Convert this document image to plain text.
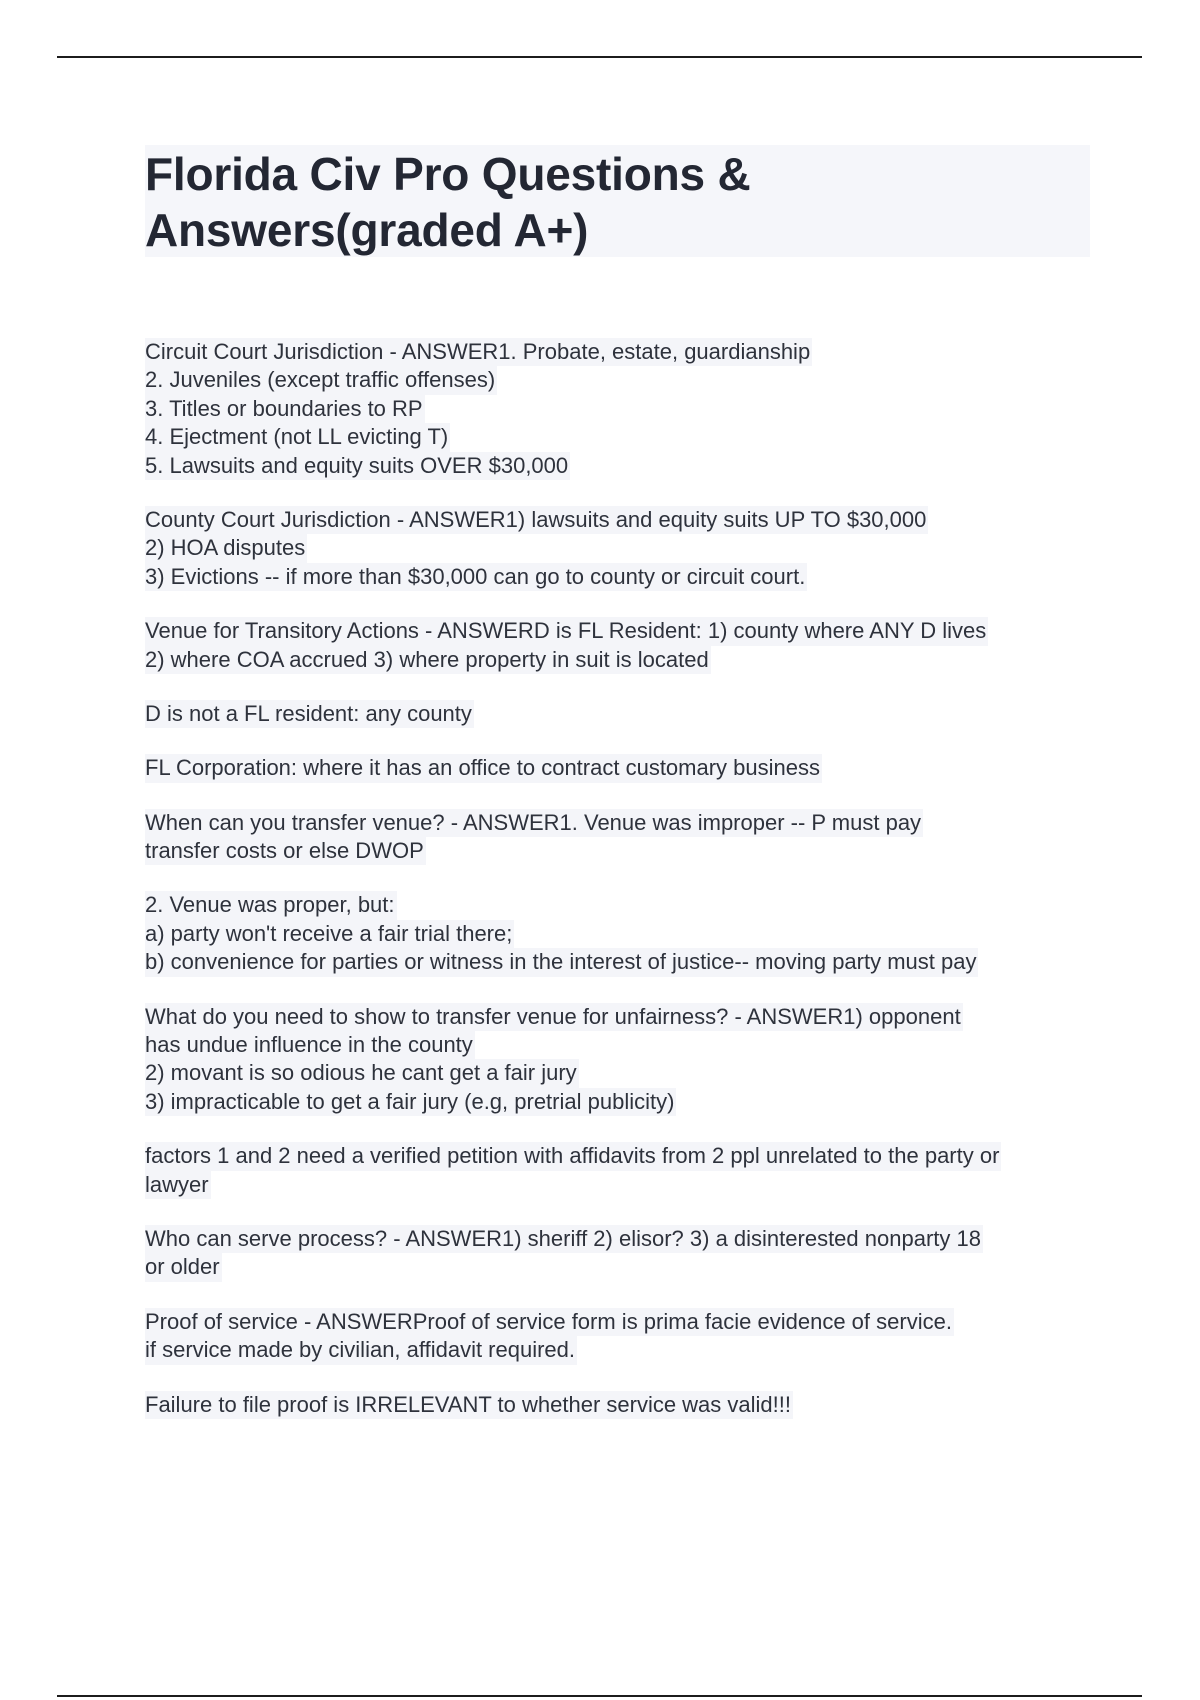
Florida Civ Pro Questions &
Answers(graded A+)
Circuit Court Jurisdiction - ANSWER1. Probate, estate, guardianship
2. Juveniles (except traffic offenses)
3. Titles or boundaries to RP
4. Ejectment (not LL evicting T)
5. Lawsuits and equity suits OVER $30,000
County Court Jurisdiction - ANSWER1) lawsuits and equity suits UP TO $30,000
2) HOA disputes
3) Evictions -- if more than $30,000 can go to county or circuit court.
Venue for Transitory Actions - ANSWERD is FL Resident: 1) county where ANY D lives
2) where COA accrued 3) where property in suit is located
D is not a FL resident: any county
FL Corporation: where it has an office to contract customary business
When can you transfer venue? - ANSWER1. Venue was improper -- P must pay
transfer costs or else DWOP
2. Venue was proper, but:
a) party won't receive a fair trial there;
b) convenience for parties or witness in the interest of justice-- moving party must pay
What do you need to show to transfer venue for unfairness? - ANSWER1) opponent
has undue influence in the county
2) movant is so odious he cant get a fair jury
3) impracticable to get a fair jury (e.g, pretrial publicity)
factors 1 and 2 need a verified petition with affidavits from 2 ppl unrelated to the party or
lawyer
Who can serve process? - ANSWER1) sheriff 2) elisor? 3) a disinterested nonparty 18
or older
Proof of service - ANSWERProof of service form is prima facie evidence of service.
if service made by civilian, affidavit required.
Failure to file proof is IRRELEVANT to whether service was valid!!!
